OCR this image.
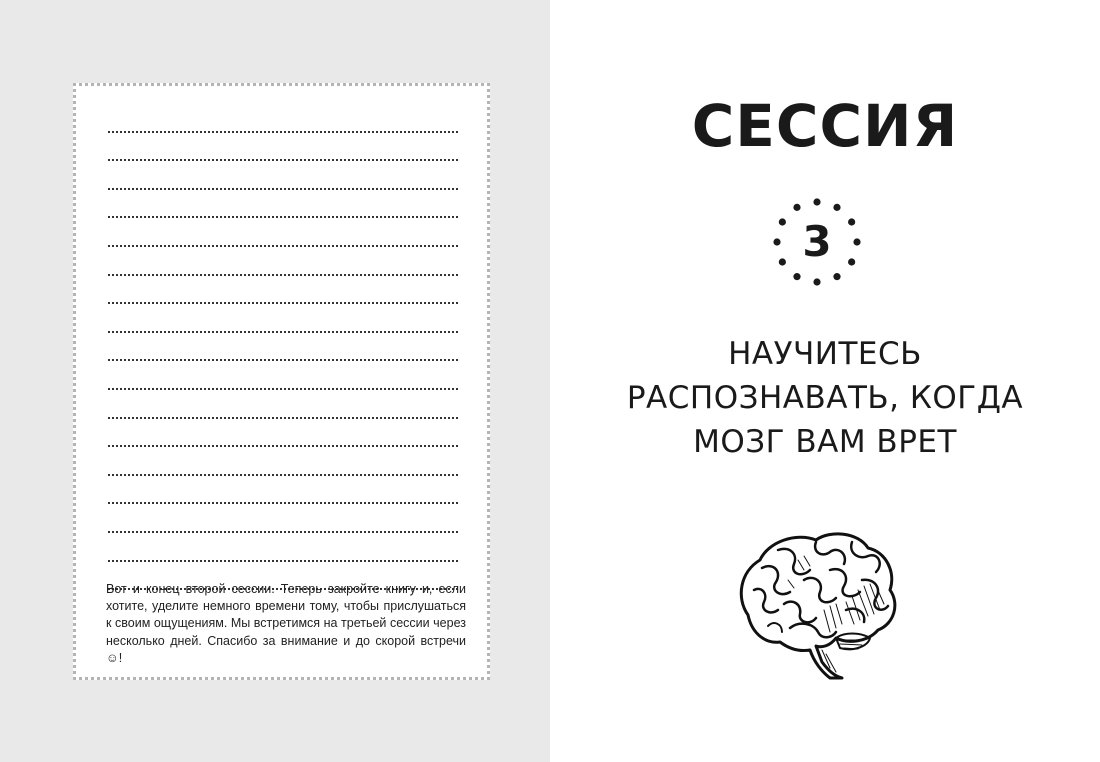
Вот и конец второй сессии. Теперь закройте книгу и, если хотите, уделите немного времени тому, чтобы прислушаться к своим ощущениям. Мы встретимся на третьей сессии через несколько дней. Спасибо за внимание и до скорой встречи ☺!

СЕССИЯ
3
НАУЧИТЕСЬ
РАСПОЗНАВАТЬ, КОГДА
МОЗГ ВАМ ВРЕТ
